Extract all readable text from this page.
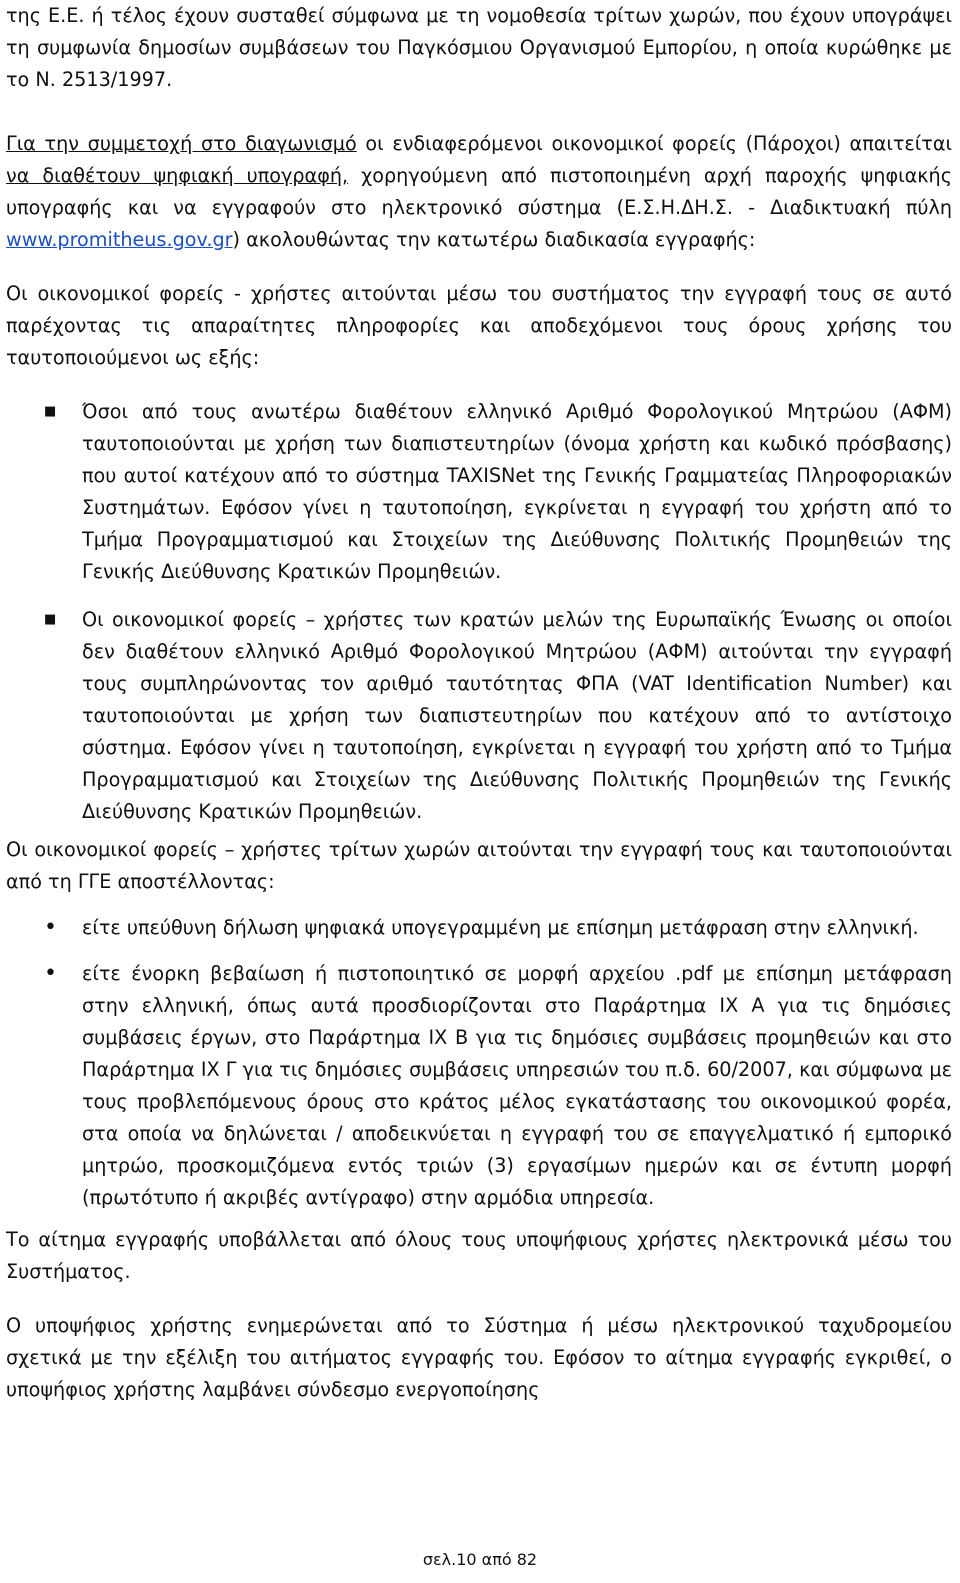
της Ε.Ε. ή τέλος έχουν συσταθεί σύμφωνα με τη νομοθεσία τρίτων χωρών, που έχουν υπογράψει τη συμφωνία δημοσίων συμβάσεων του Παγκόσμιου Οργανισμού Εμπορίου, η οποία κυρώθηκε με το Ν. 2513/1997.

Για την συμμετοχή στο διαγωνισμό οι ενδιαφερόμενοι οικονομικοί φορείς (Πάροχοι) απαιτείται να διαθέτουν ψηφιακή υπογραφή, χορηγούμενη από πιστοποιημένη αρχή παροχής ψηφιακής υπογραφής και να εγγραφούν στο ηλεκτρονικό σύστημα (Ε.Σ.Η.ΔΗ.Σ. - Διαδικτυακή πύλη www.promitheus.gov.gr) ακολουθώντας την κατωτέρω διαδικασία εγγραφής:

Οι οικονομικοί φορείς - χρήστες αιτούνται μέσω του συστήματος την εγγραφή τους σε αυτό παρέχοντας τις απαραίτητες πληροφορίες και αποδεχόμενοι τους όρους χρήσης του ταυτοποιούμενοι ως εξής:

■	Όσοι από τους ανωτέρω διαθέτουν ελληνικό Αριθμό Φορολογικού Μητρώου (ΑΦΜ) ταυτοποιούνται με χρήση των διαπιστευτηρίων (όνομα χρήστη και κωδικό πρόσβασης) που αυτοί κατέχουν από το σύστημα TAXISNet της Γενικής Γραμματείας Πληροφοριακών Συστημάτων. Εφόσον γίνει η ταυτοποίηση, εγκρίνεται η εγγραφή του χρήστη από το Τμήμα Προγραμματισμού και Στοιχείων της Διεύθυνσης Πολιτικής Προμηθειών της Γενικής Διεύθυνσης Κρατικών Προμηθειών.
■	Οι οικονομικοί φορείς – χρήστες των κρατών μελών της Ευρωπαϊκής Ένωσης οι οποίοι δεν διαθέτουν ελληνικό Αριθμό Φορολογικού Μητρώου (ΑΦΜ) αιτούνται την εγγραφή τους συμπληρώνοντας τον αριθμό ταυτότητας ΦΠΑ (VAT Identification Number) και ταυτοποιούνται με χρήση των διαπιστευτηρίων που κατέχουν από το αντίστοιχο σύστημα. Εφόσον γίνει η ταυτοποίηση, εγκρίνεται η εγγραφή του χρήστη από το Τμήμα Προγραμματισμού και Στοιχείων της Διεύθυνσης Πολιτικής Προμηθειών της Γενικής Διεύθυνσης Κρατικών Προμηθειών.

Οι οικονομικοί φορείς – χρήστες τρίτων χωρών αιτούνται την εγγραφή τους και ταυτοποιούνται από τη ΓΓΕ αποστέλλοντας:

•	είτε υπεύθυνη δήλωση ψηφιακά υπογεγραμμένη με επίσημη μετάφραση στην ελληνική.
•	είτε ένορκη βεβαίωση ή πιστοποιητικό σε μορφή αρχείου .pdf με επίσημη μετάφραση στην ελληνική, όπως αυτά προσδιορίζονται στο Παράρτημα ΙΧ Α για τις δημόσιες συμβάσεις έργων, στο Παράρτημα ΙΧ Β για τις δημόσιες συμβάσεις προμηθειών και στο Παράρτημα ΙΧ Γ για τις δημόσιες συμβάσεις υπηρεσιών του π.δ. 60/2007, και σύμφωνα με τους προβλεπόμενους όρους στο κράτος μέλος εγκατάστασης του οικονομικού φορέα, στα οποία να δηλώνεται / αποδεικνύεται η εγγραφή του σε επαγγελματικό ή εμπορικό μητρώο, προσκομιζόμενα εντός τριών (3) εργασίμων ημερών και σε έντυπη μορφή (πρωτότυπο ή ακριβές αντίγραφο) στην αρμόδια υπηρεσία.

Το αίτημα εγγραφής υποβάλλεται από όλους τους υποψήφιους χρήστες ηλεκτρονικά μέσω του Συστήματος.

Ο υποψήφιος χρήστης ενημερώνεται από το Σύστημα ή μέσω ηλεκτρονικού ταχυδρομείου σχετικά με την εξέλιξη του αιτήματος εγγραφής του. Εφόσον το αίτημα εγγραφής εγκριθεί, ο υποψήφιος χρήστης λαμβάνει σύνδεσμο ενεργοποίησης

σελ.10 από 82
